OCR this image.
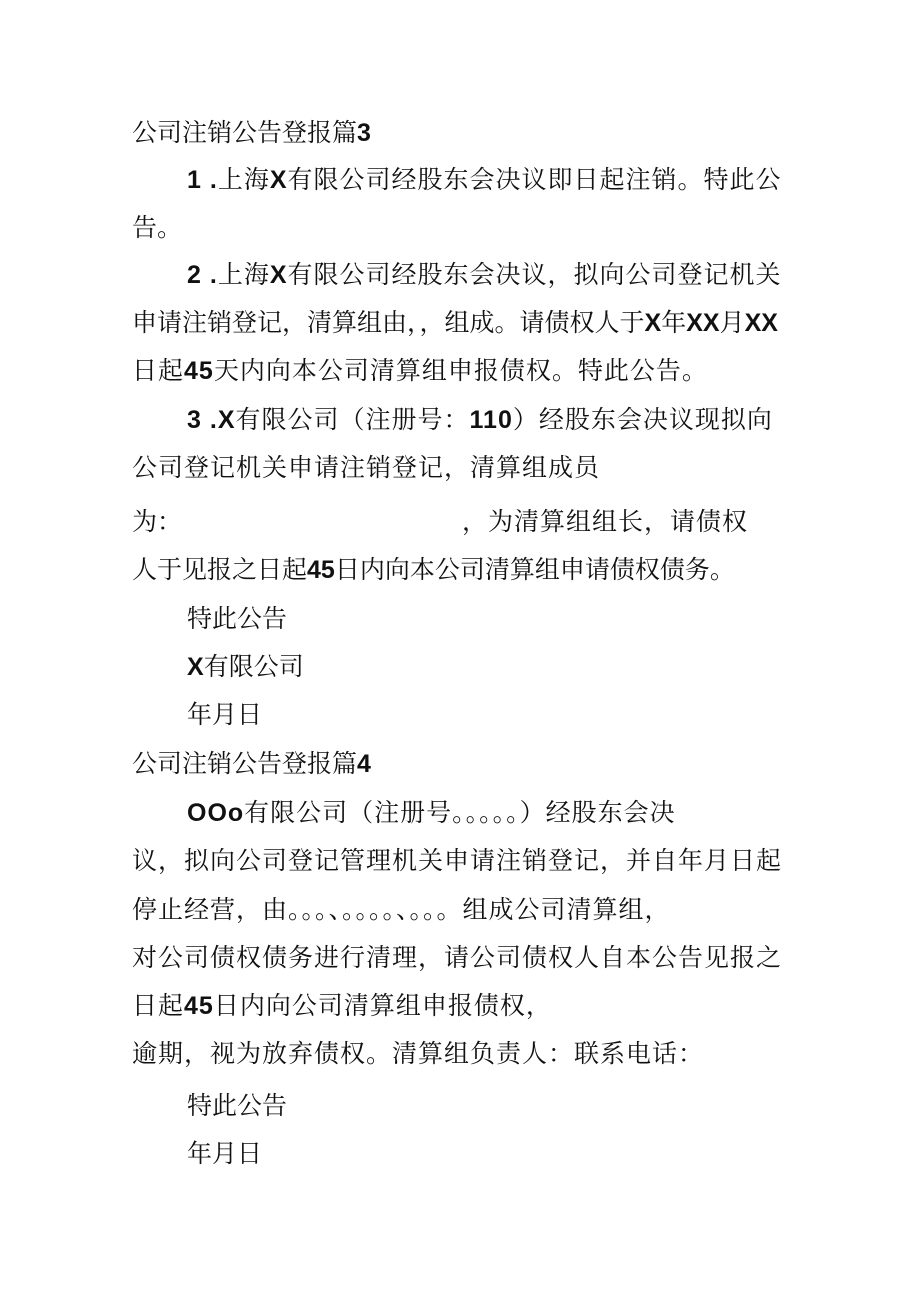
公司注销公告登报篇3
1 .上海X有限公司经股东会决议即日起注销。特此公
告。
2 .上海X有限公司经股东会决议，拟向公司登记机关
申请注销登记，清算组由，，组成。请债权人于X年XX月XX
日起45天内向本公司清算组申报债权。特此公告。
3 .X有限公司（注册号：110）经股东会决议现拟向
公司登记机关申请注销登记，清算组成员
为：	，为清算组组长，请债权
人于见报之日起45日内向本公司清算组申请债权债务。
特此公告
X有限公司
年月日
公司注销公告登报篇4
OOo有限公司（注册号。。。。。）经股东会决
议，拟向公司登记管理机关申请注销登记，并自年月日起
停止经营，由。。。、。。。。、。。。组成公司清算组，
对公司债权债务进行清理，请公司债权人自本公告见报之
日起45日内向公司清算组申报债权，
逾期，视为放弃债权。清算组负责人：联系电话：
特此公告
年月日
